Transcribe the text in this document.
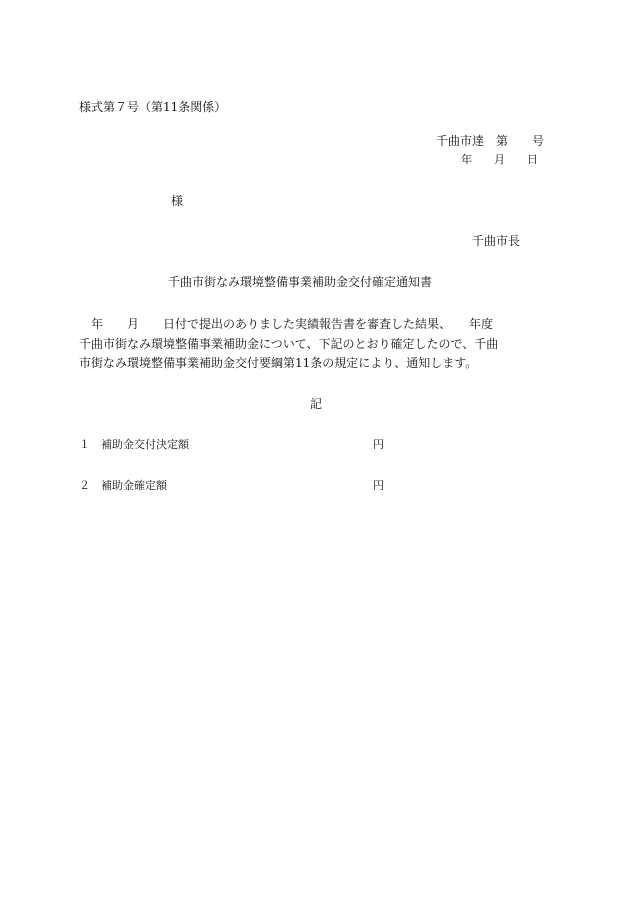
様式第７号（第11条関係）
千曲市達　第　　号
年　　月　　日
様
千曲市長
千曲市街なみ環境整備事業補助金交付確定通知書
　年　　月　　日付で提出のありました実績報告書を審査した結果、　　年度
千曲市街なみ環境整備事業補助金について、下記のとおり確定したので、千曲
市街なみ環境整備事業補助金交付要綱第11条の規定により、通知します。
記
１ 補助金交付決定額	円
２ 補助金確定額	円
